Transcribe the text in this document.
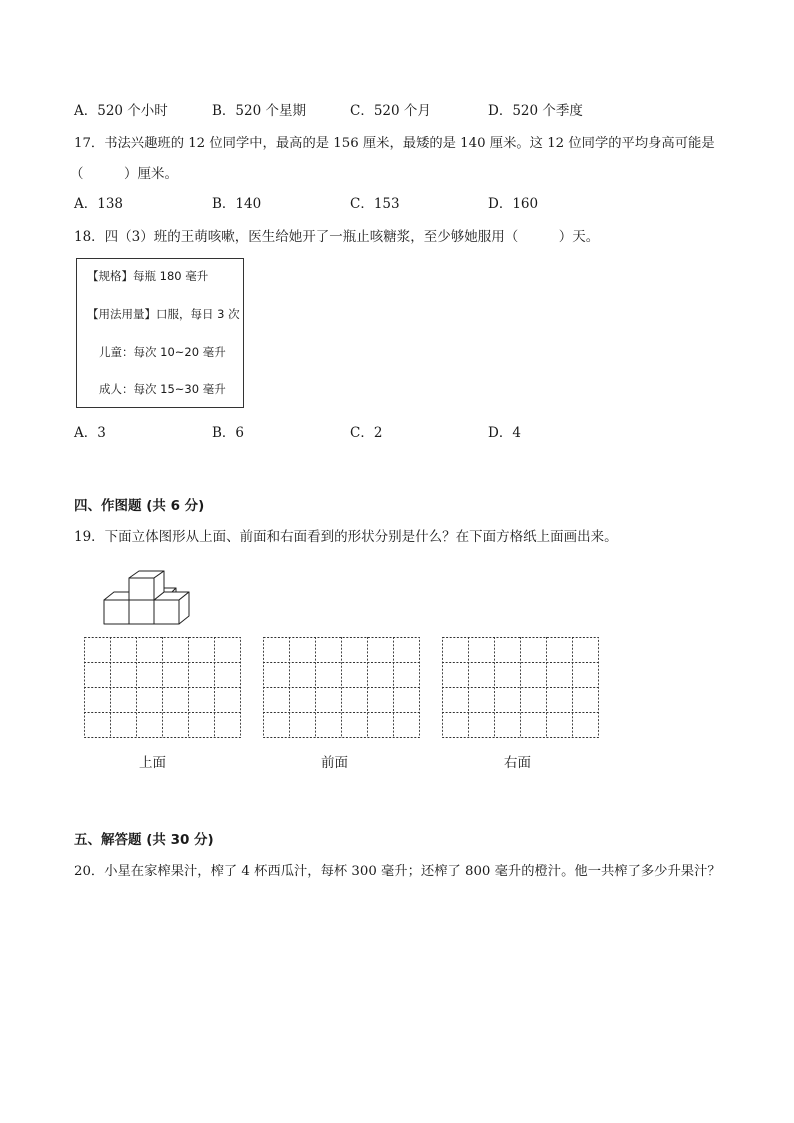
A．520 个小时	B．520 个星期	C．520 个月	D．520 个季度
17．书法兴趣班的 12 位同学中，最高的是 156 厘米，最矮的是 140 厘米。这 12 位同学的平均身高可能是
（　　　）厘米。
A．138	B．140	C．153	D．160
18．四（3）班的王萌咳嗽，医生给她开了一瓶止咳糖浆，至少够她服用（　　　）天。
【规格】每瓶 180 毫升
【用法用量】口服，每日 3 次
儿童：每次 10~20 毫升
成人：每次 15~30 毫升
A．3	B．6	C．2	D．4
四、作图题 (共 6 分)
19．下面立体图形从上面、前面和右面看到的形状分别是什么？在下面方格纸上面画出来。
上面	前面	右面
五、解答题 (共 30 分)
20．小星在家榨果汁，榨了 4 杯西瓜汁，每杯 300 毫升；还榨了 800 毫升的橙汁。他一共榨了多少升果汁？
